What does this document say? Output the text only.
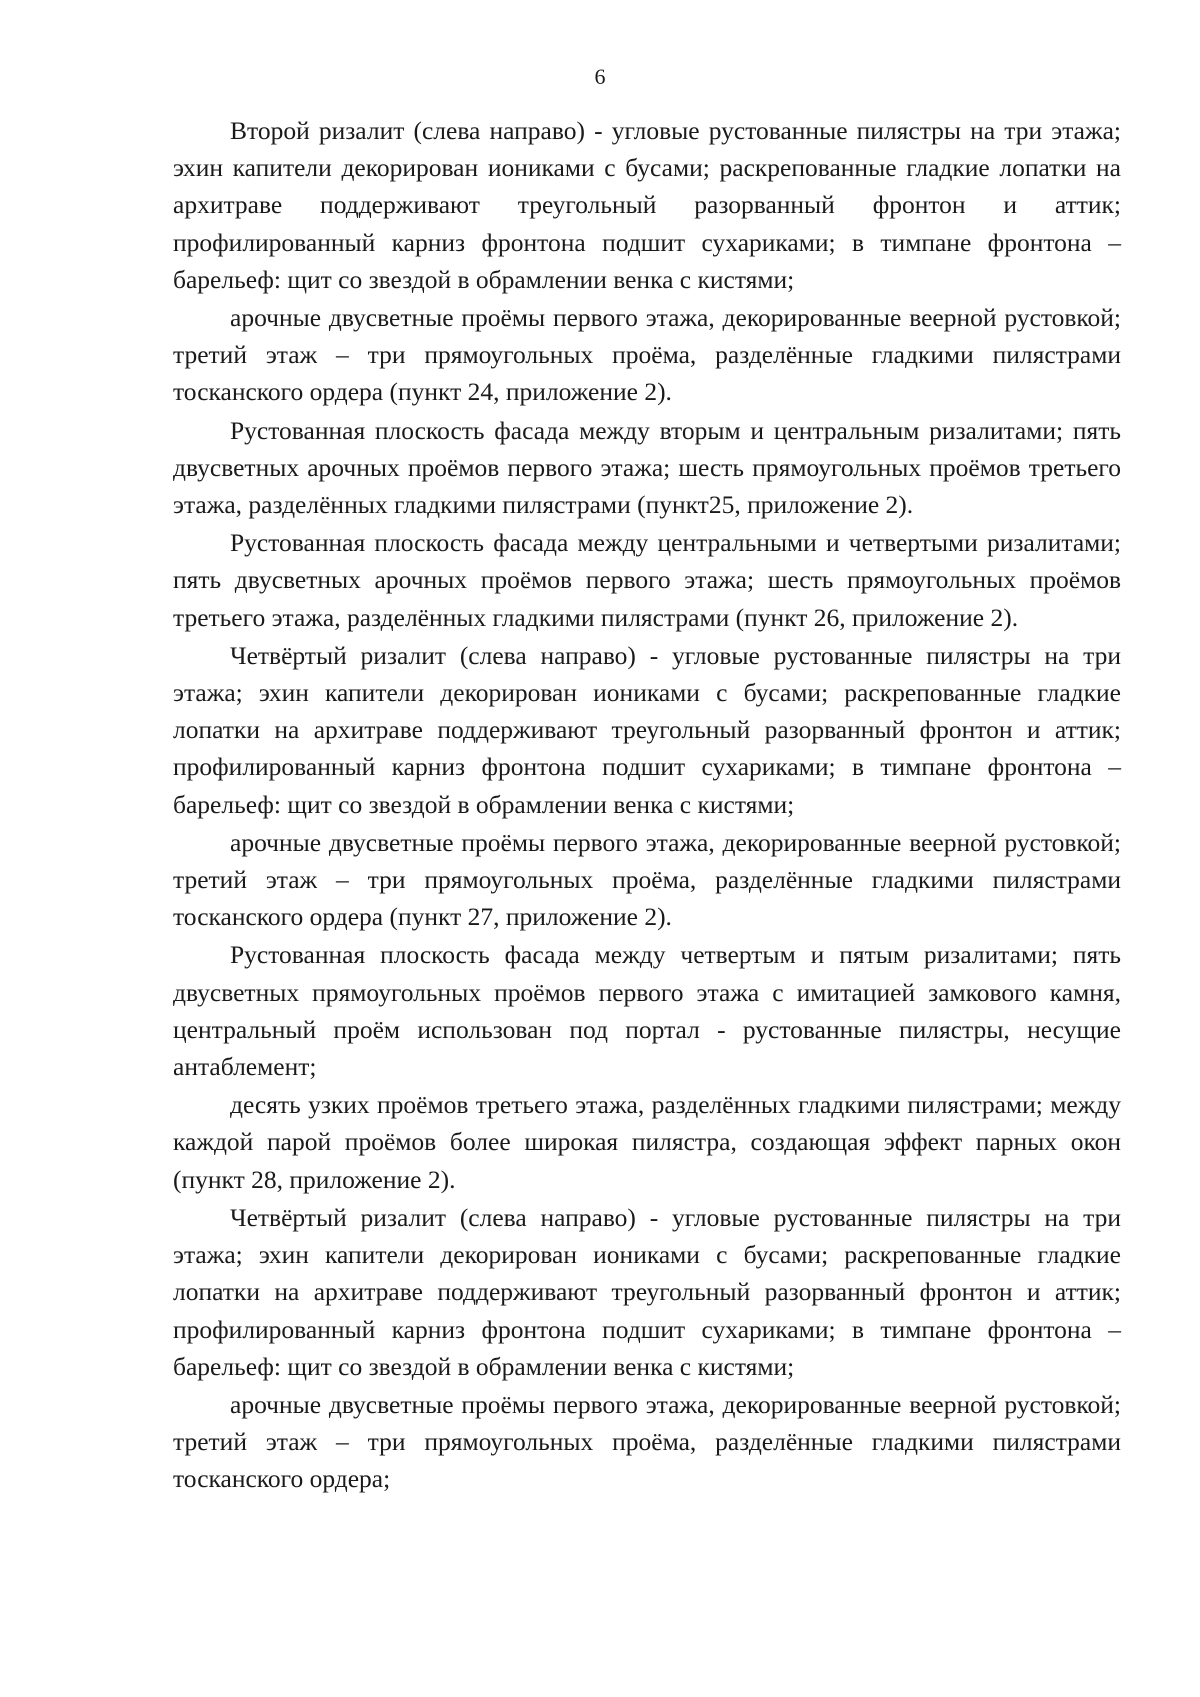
6

Второй ризалит (слева направо) - угловые рустованные пилястры на три этажа; эхин капители декорирован иониками с бусами; раскрепованные гладкие лопатки на архитраве поддерживают треугольный разорванный фронтон и аттик; профилированный карниз фронтона подшит сухариками; в тимпане фронтона – барельеф: щит со звездой в обрамлении венка с кистями;

арочные двусветные проёмы первого этажа, декорированные веерной рустовкой; третий этаж – три прямоугольных проёма, разделённые гладкими пилястрами тосканского ордера (пункт 24, приложение 2).

Рустованная плоскость фасада между вторым и центральным ризалитами; пять двусветных арочных проёмов первого этажа; шесть прямоугольных проёмов третьего этажа, разделённых гладкими пилястрами (пункт25, приложение 2).

Рустованная плоскость фасада между центральными и четвертыми ризалитами; пять двусветных арочных проёмов первого этажа; шесть прямоугольных проёмов третьего этажа, разделённых гладкими пилястрами (пункт 26, приложение 2).

Четвёртый ризалит (слева направо) - угловые рустованные пилястры на три этажа; эхин капители декорирован иониками с бусами; раскрепованные гладкие лопатки на архитраве поддерживают треугольный разорванный фронтон и аттик; профилированный карниз фронтона подшит сухариками; в тимпане фронтона – барельеф: щит со звездой в обрамлении венка с кистями;

арочные двусветные проёмы первого этажа, декорированные веерной рустовкой; третий этаж – три прямоугольных проёма, разделённые гладкими пилястрами тосканского ордера (пункт 27, приложение 2).

Рустованная плоскость фасада между четвертым и пятым ризалитами; пять двусветных прямоугольных проёмов первого этажа с имитацией замкового камня, центральный проём использован под портал - рустованные пилястры, несущие антаблемент;

десять узких проёмов третьего этажа, разделённых гладкими пилястрами; между каждой парой проёмов более широкая пилястра, создающая эффект парных окон (пункт 28, приложение 2).

Четвёртый ризалит (слева направо) - угловые рустованные пилястры на три этажа; эхин капители декорирован иониками с бусами; раскрепованные гладкие лопатки на архитраве поддерживают треугольный разорванный фронтон и аттик; профилированный карниз фронтона подшит сухариками; в тимпане фронтона – барельеф: щит со звездой в обрамлении венка с кистями;

арочные двусветные проёмы первого этажа, декорированные веерной рустовкой; третий этаж – три прямоугольных проёма, разделённые гладкими пилястрами тосканского ордера;
